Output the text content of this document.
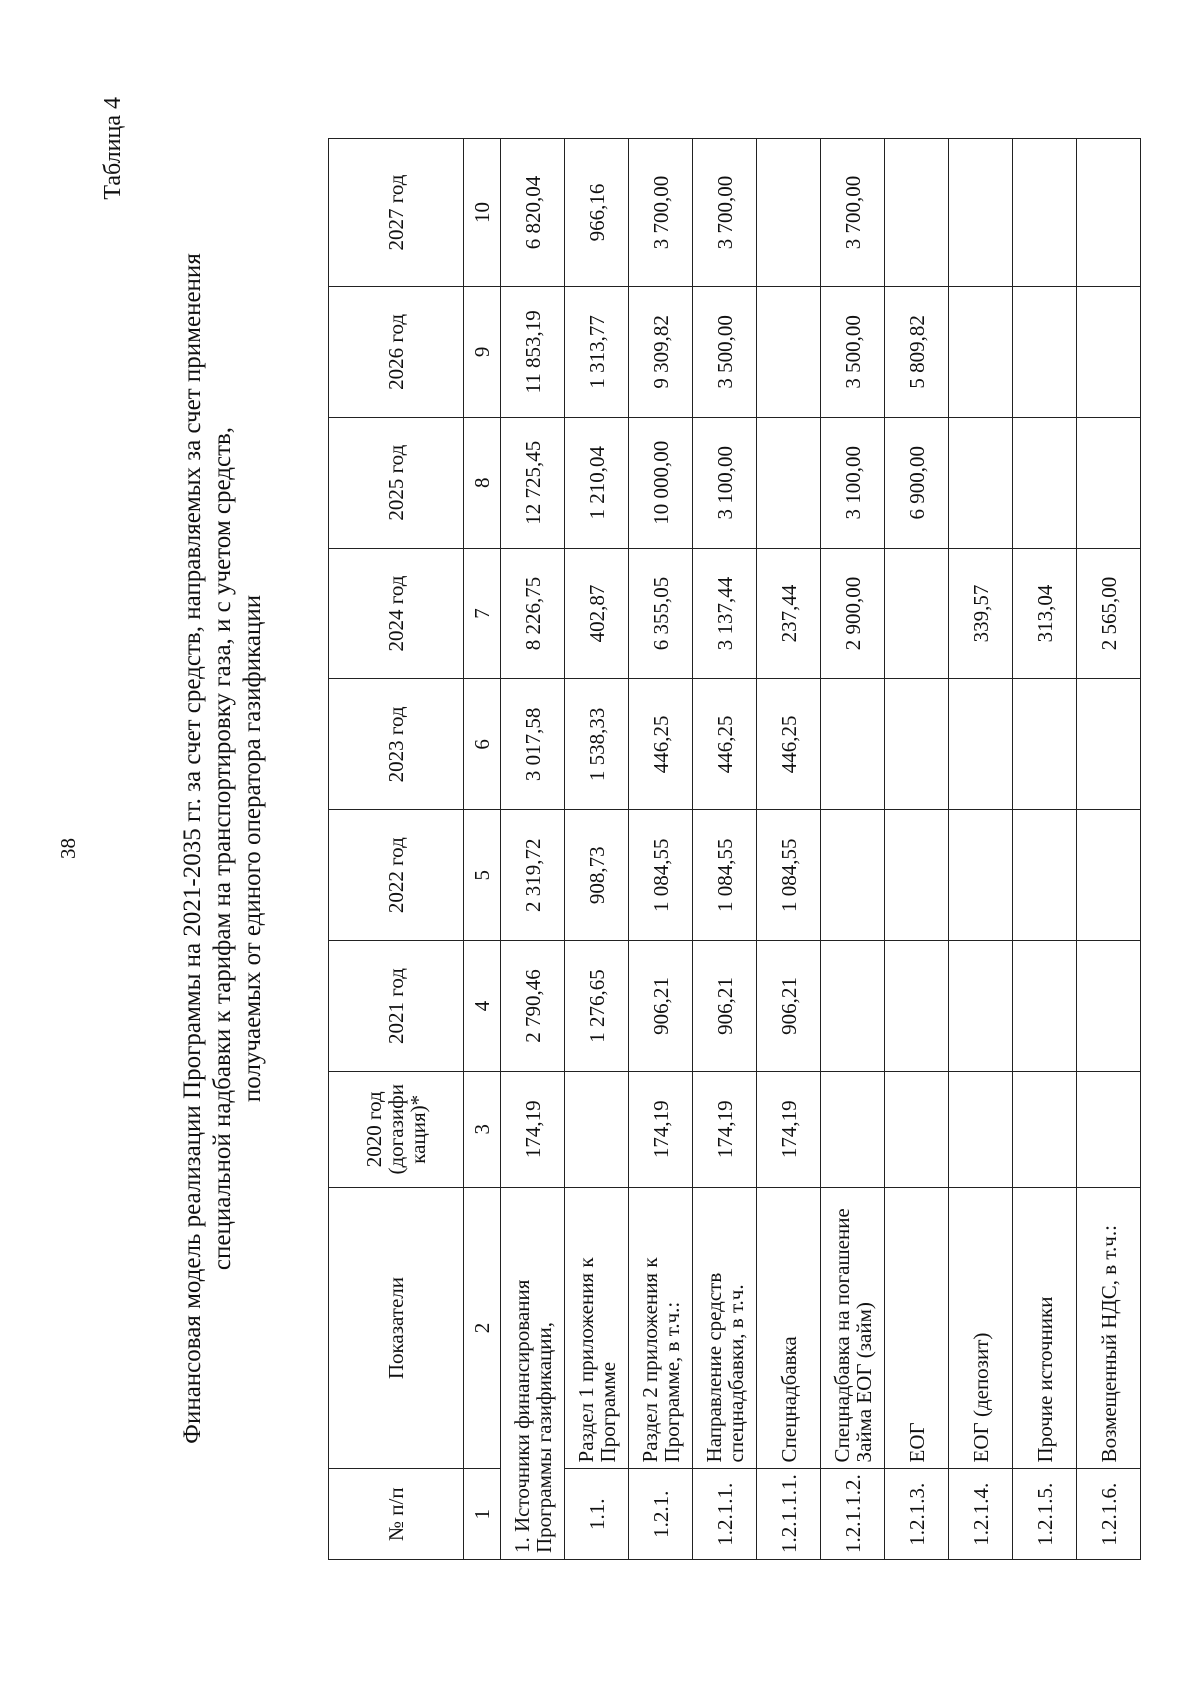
38
Таблица 4
Финансовая модель реализации Программы на 2021-2035 гг. за счет средств, направляемых за счет применения специальной надбавки к тарифам на транспортировку газа, и с учетом средств, получаемых от единого оператора газификации
№ п/п	Показатели	2020 год (догазифи кация)*	2021 год	2022 год	2023 год	2024 год	2025 год	2026 год	2027 год
1	2	3	4	5	6	7	8	9	10
1. Источники финансирования Программы газификации,		174,19	2 790,46	2 319,72	3 017,58	8 226,75	12 725,45	11 853,19	6 820,04
1.1.	Раздел 1 приложения к Программе		1 276,65	908,73	1 538,33	402,87	1 210,04	1 313,77	966,16
1.2.1.	Раздел 2 приложения к Программе, в т.ч.:	174,19	906,21	1 084,55	446,25	6 355,05	10 000,00	9 309,82	3 700,00
1.2.1.1.	Направление средств спецнадбавки, в т.ч.	174,19	906,21	1 084,55	446,25	3 137,44	3 100,00	3 500,00	3 700,00
1.2.1.1.1.	Спецнадбавка	174,19	906,21	1 084,55	446,25	237,44			
1.2.1.1.2.	Спецнадбавка на погашение Займа ЕОГ (займ)					2 900,00	3 100,00	3 500,00	3 700,00
1.2.1.3.	ЕОГ						6 900,00	5 809,82	
1.2.1.4.	ЕОГ (депозит)					339,57			
1.2.1.5.	Прочие источники					313,04			
1.2.1.6.	Возмещенный НДС, в т.ч.:					2 565,00			
